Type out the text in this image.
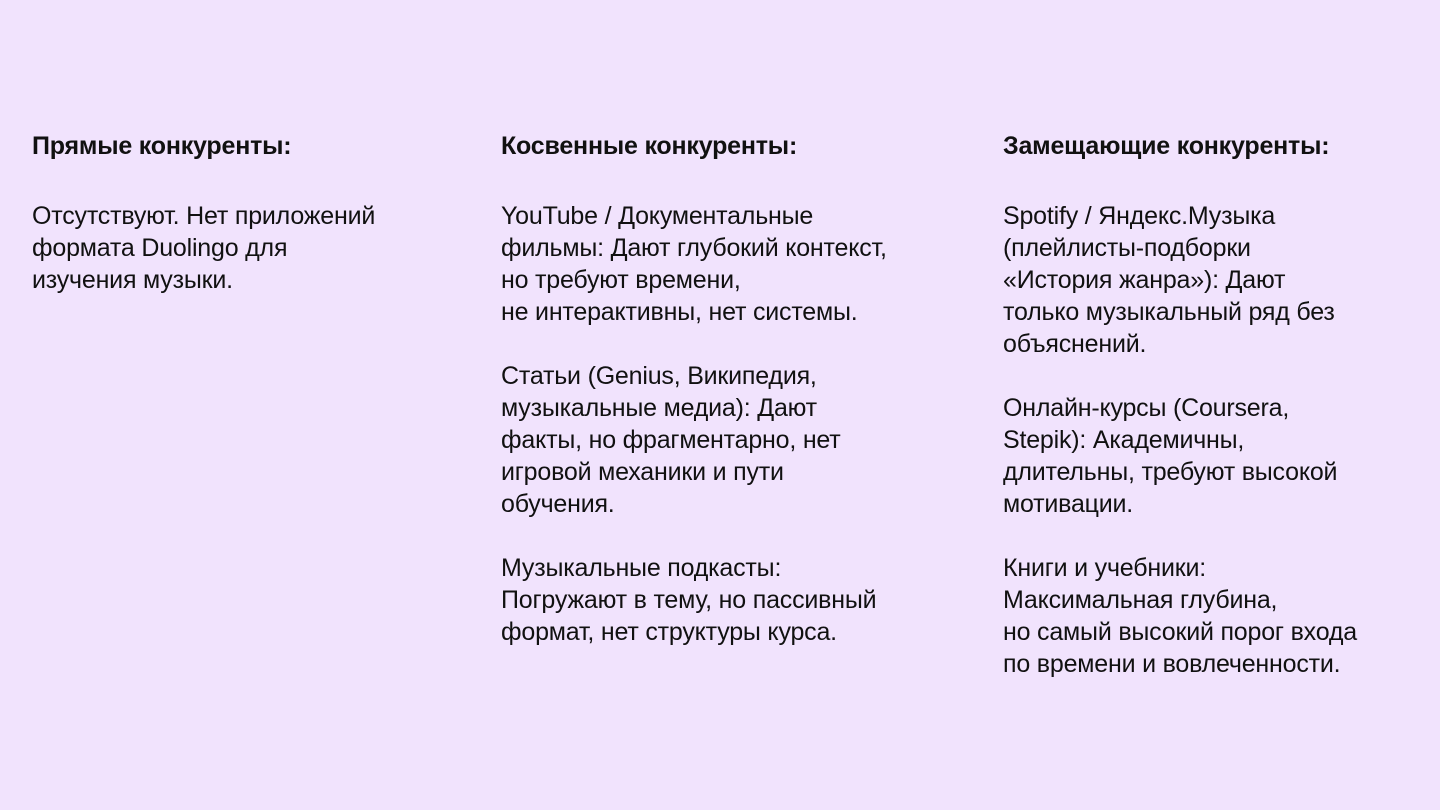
Прямые конкуренты:

Отсутствуют. Нет приложений
формата Duolingo для
изучения музыки.

Косвенные конкуренты:

YouTube / Документальные
фильмы: Дают глубокий контекст,
но требуют времени,
не интерактивны, нет системы.

Статьи (Genius, Википедия,
музыкальные медиа): Дают
факты, но фрагментарно, нет
игровой механики и пути
обучения.

Музыкальные подкасты:
Погружают в тему, но пассивный
формат, нет структуры курса.

Замещающие конкуренты:

Spotify / Яндекс.Музыка
(плейлисты-подборки
«История жанра»): Дают
только музыкальный ряд без
объяснений.

Онлайн-курсы (Coursera,
Stepik): Академичны,
длительны, требуют высокой
мотивации.

Книги и учебники:
Максимальная глубина,
но самый высокий порог входа
по времени и вовлеченности.
